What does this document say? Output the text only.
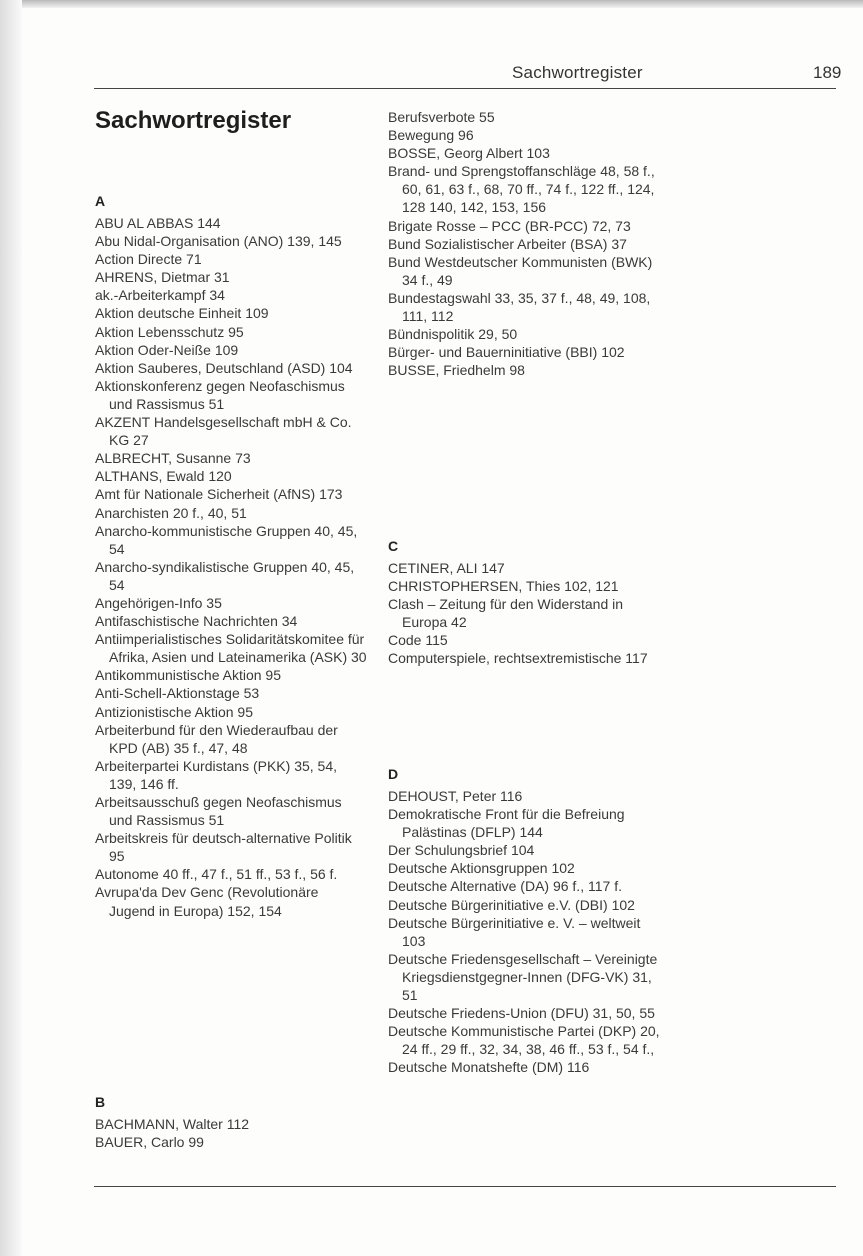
Sachwortregister	189
Sachwortregister

A

ABU AL ABBAS 144

Abu Nidal-Organisation (ANO) 139, 145

Action Directe 71

AHRENS, Dietmar 31

ak.-Arbeiterkampf 34

Aktion deutsche Einheit 109

Aktion Lebensschutz 95

Aktion Oder-Neiße 109

Aktion Sauberes, Deutschland (ASD) 104

Aktionskonferenz gegen Neofaschismus und Rassismus 51

AKZENT Handelsgesellschaft mbH & Co. KG 27

ALBRECHT, Susanne 73

ALTHANS, Ewald 120

Amt für Nationale Sicherheit (AfNS) 173

Anarchisten 20 f., 40, 51

Anarcho-kommunistische Gruppen 40, 45, 54

Anarcho-syndikalistische Gruppen 40, 45, 54

Angehörigen-Info 35

Antifaschistische Nachrichten 34

Antiimperialistisches Solidaritätskomitee für Afrika, Asien und Lateinamerika (ASK) 30

Antikommunistische Aktion 95

Anti-Schell-Aktionstage 53

Antizionistische Aktion 95

Arbeiterbund für den Wiederaufbau der KPD (AB) 35 f., 47, 48

Arbeiterpartei Kurdistans (PKK) 35, 54, 139, 146 ff.

Arbeitsausschuß gegen Neofaschismus und Rassismus 51

Arbeitskreis für deutsch-alternative Politik 95

Autonome 40 ff., 47 f., 51 ff., 53 f., 56 f.

Avrupa'da Dev Genc (Revolutionäre Jugend in Europa) 152, 154

B

BACHMANN, Walter 112

BAUER, Carlo 99

Berufsverbote 55

Bewegung 96

BOSSE, Georg Albert 103

Brand- und Sprengstoffanschläge 48, 58 f., 60, 61, 63 f., 68, 70 ff., 74 f., 122 ff., 124, 128 140, 142, 153, 156

Brigate Rosse – PCC (BR-PCC) 72, 73

Bund Sozialistischer Arbeiter (BSA) 37

Bund Westdeutscher Kommunisten (BWK) 34 f., 49

Bundestagswahl 33, 35, 37 f., 48, 49, 108, 111, 112

Bündnispolitik 29, 50

Bürger- und Bauerninitiative (BBI) 102

BUSSE, Friedhelm 98

C

CETINER, ALI 147

CHRISTOPHERSEN, Thies 102, 121

Clash – Zeitung für den Widerstand in Europa 42

Code 115

Computerspiele, rechtsextremistische 117

D

DEHOUST, Peter 116

Demokratische Front für die Befreiung Palästinas (DFLP) 144

Der Schulungsbrief 104

Deutsche Aktionsgruppen 102

Deutsche Alternative (DA) 96 f., 117 f.

Deutsche Bürgerinitiative e.V. (DBI) 102

Deutsche Bürgerinitiative e. V. – weltweit 103

Deutsche Friedensgesellschaft – Vereinigte Kriegsdienstgegner-Innen (DFG-VK) 31, 51

Deutsche Friedens-Union (DFU) 31, 50, 55

Deutsche Kommunistische Partei (DKP) 20, 24 ff., 29 ff., 32, 34, 38, 46 ff., 53 f., 54 f.,

Deutsche Monatshefte (DM) 116
